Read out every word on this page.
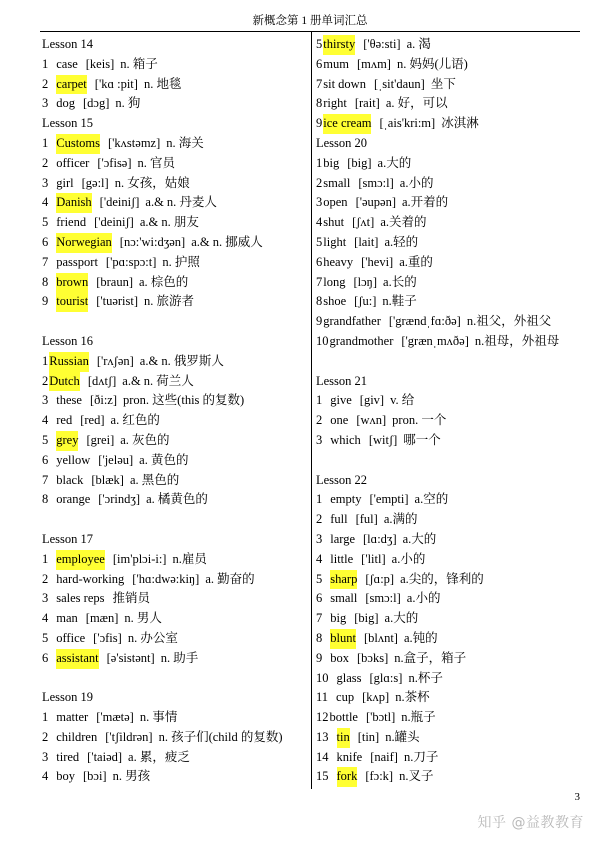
新概念第 1 册单词汇总
Lesson 14
1 case [keis] n. 箱子
2 carpet ['kɑ :pit] n. 地毯
3 dog [dɔg] n. 狗
Lesson 15
1 Customs ['kʌstəmz] n. 海关
2 officer ['ɔfisə] n. 官员
3 girl [gə:l] n. 女孩，姑娘
4 Danish ['deiniʃ] a.& n. 丹麦人
5 friend ['deiniʃ] a.& n. 朋友
6 Norwegian [nɔ:'wi:dʒən] a.& n. 挪威人
7 passport ['pɑ:spɔ:t] n. 护照
8 brown [braun] a. 棕色的
9 tourist ['tuərist] n. 旅游者
Lesson 16
1Russian ['rʌʃən] a.& n. 俄罗斯人
2Dutch [dʌtʃ] a.& n. 荷兰人
3 these [ði:z] pron. 这些(this 的复数)
4 red [red] a. 红色的
5 grey [grei] a. 灰色的
6 yellow ['jeləu] a. 黄色的
7 black [blæk] a. 黑色的
8 orange ['ɔrindʒ] a. 橘黄色的
Lesson 17
1 employee [im'plɔi-i:] n.雇员
2 hard-working ['hɑ:dwə:kiŋ] a. 勤奋的
3 sales reps 推销员
4 man [mæn] n. 男人
5 office ['ɔfis] n. 办公室
6 assistant [ə'sistənt] n. 助手
Lesson 19
1 matter ['mætə] n. 事情
2 children ['tʃildrən] n. 孩子们(child 的复数)
3 tired ['taiəd] a. 累，疲乏
4 boy [bɔi] n. 男孩
5thirsty ['θə:sti] a. 渴
6mum [mʌm] n. 妈妈(儿语)
7sit down [ˌsit'daun] 坐下
8right [rait] a. 好，可以
9ice cream [ˌais'kri:m] 冰淇淋
Lesson 20
1big [big] a.大的
2small [smɔ:l] a.小的
3open ['əupən] a.开着的
4shut [ʃʌt] a.关着的
5light [lait] a.轻的
6heavy ['hevi] a.重的
7long [lɔŋ] a.长的
8shoe [ʃu:] n.鞋子
9grandfather ['grændˌfɑ:ðə] n.祖父，外祖父
10grandmother ['grænˌmʌðə] n.祖母，外祖母
Lesson 21
1 give [giv] v. 给
2 one [wʌn] pron. 一个
3 which [witʃ] 哪一个
Lesson 22
1 empty ['empti] a.空的
2 full [ful] a.满的
3 large [lɑ:dʒ] a.大的
4 little ['litl] a.小的
5 sharp [ʃɑ:p] a.尖的，锋利的
6 small [smɔ:l] a.小的
7 big [big] a.大的
8 blunt [blʌnt] a.钝的
9 box [bɔks] n.盒子，箱子
10 glass [glɑ:s] n.杯子
11 cup [kʌp] n.茶杯
12bottle ['bɔtl] n.瓶子
13 tin [tin] n.罐头
14 knife [naif] n.刀子
15 fork [fɔ:k] n.叉子
3
知乎 @益教教育
